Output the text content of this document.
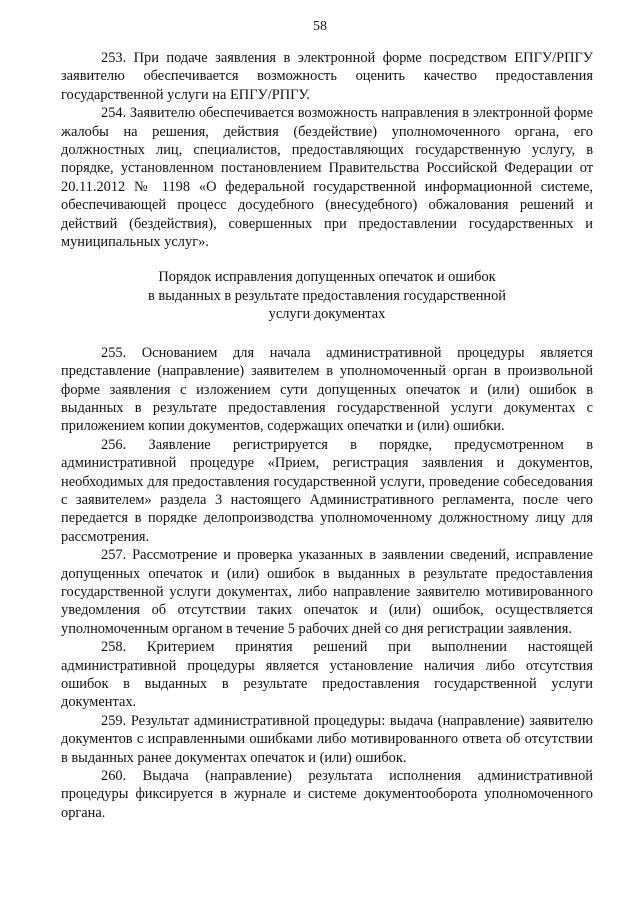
58

253. При подаче заявления в электронной форме посредством ЕПГУ/РПГУ заявителю обеспечивается возможность оценить качество предоставления государственной услуги на ЕПГУ/РПГУ.

254. Заявителю обеспечивается возможность направления в электронной форме жалобы на решения, действия (бездействие) уполномоченного органа, его должностных лиц, специалистов, предоставляющих государственную услугу, в порядке, установленном постановлением Правительства Российской Федерации от 20.11.2012 № 1198 «О федеральной государственной информационной системе, обеспечивающей процесс досудебного (внесудебного) обжалования решений и действий (бездействия), совершенных при предоставлении государственных и муниципальных услуг».

Порядок исправления допущенных опечаток и ошибок
в выданных в результате предоставления государственной
услуги документах

255. Основанием для начала административной процедуры является представление (направление) заявителем в уполномоченный орган в произвольной форме заявления с изложением сути допущенных опечаток и (или) ошибок в выданных в результате предоставления государственной услуги документах с приложением копии документов, содержащих опечатки и (или) ошибки.

256. Заявление регистрируется в порядке, предусмотренном в административной процедуре «Прием, регистрация заявления и документов, необходимых для предоставления государственной услуги, проведение собеседования с заявителем» раздела 3 настоящего Административного регламента, после чего передается в порядке делопроизводства уполномоченному должностному лицу для рассмотрения.

257. Рассмотрение и проверка указанных в заявлении сведений, исправление допущенных опечаток и (или) ошибок в выданных в результате предоставления государственной услуги документах, либо направление заявителю мотивированного уведомления об отсутствии таких опечаток и (или) ошибок, осуществляется уполномоченным органом в течение 5 рабочих дней со дня регистрации заявления.

258. Критерием принятия решений при выполнении настоящей административной процедуры является установление наличия либо отсутствия ошибок в выданных в результате предоставления государственной услуги документах.

259. Результат административной процедуры: выдача (направление) заявителю документов с исправленными ошибками либо мотивированного ответа об отсутствии в выданных ранее документах опечаток и (или) ошибок.

260. Выдача (направление) результата исполнения административной процедуры фиксируется в журнале и системе документооборота уполномоченного органа.
